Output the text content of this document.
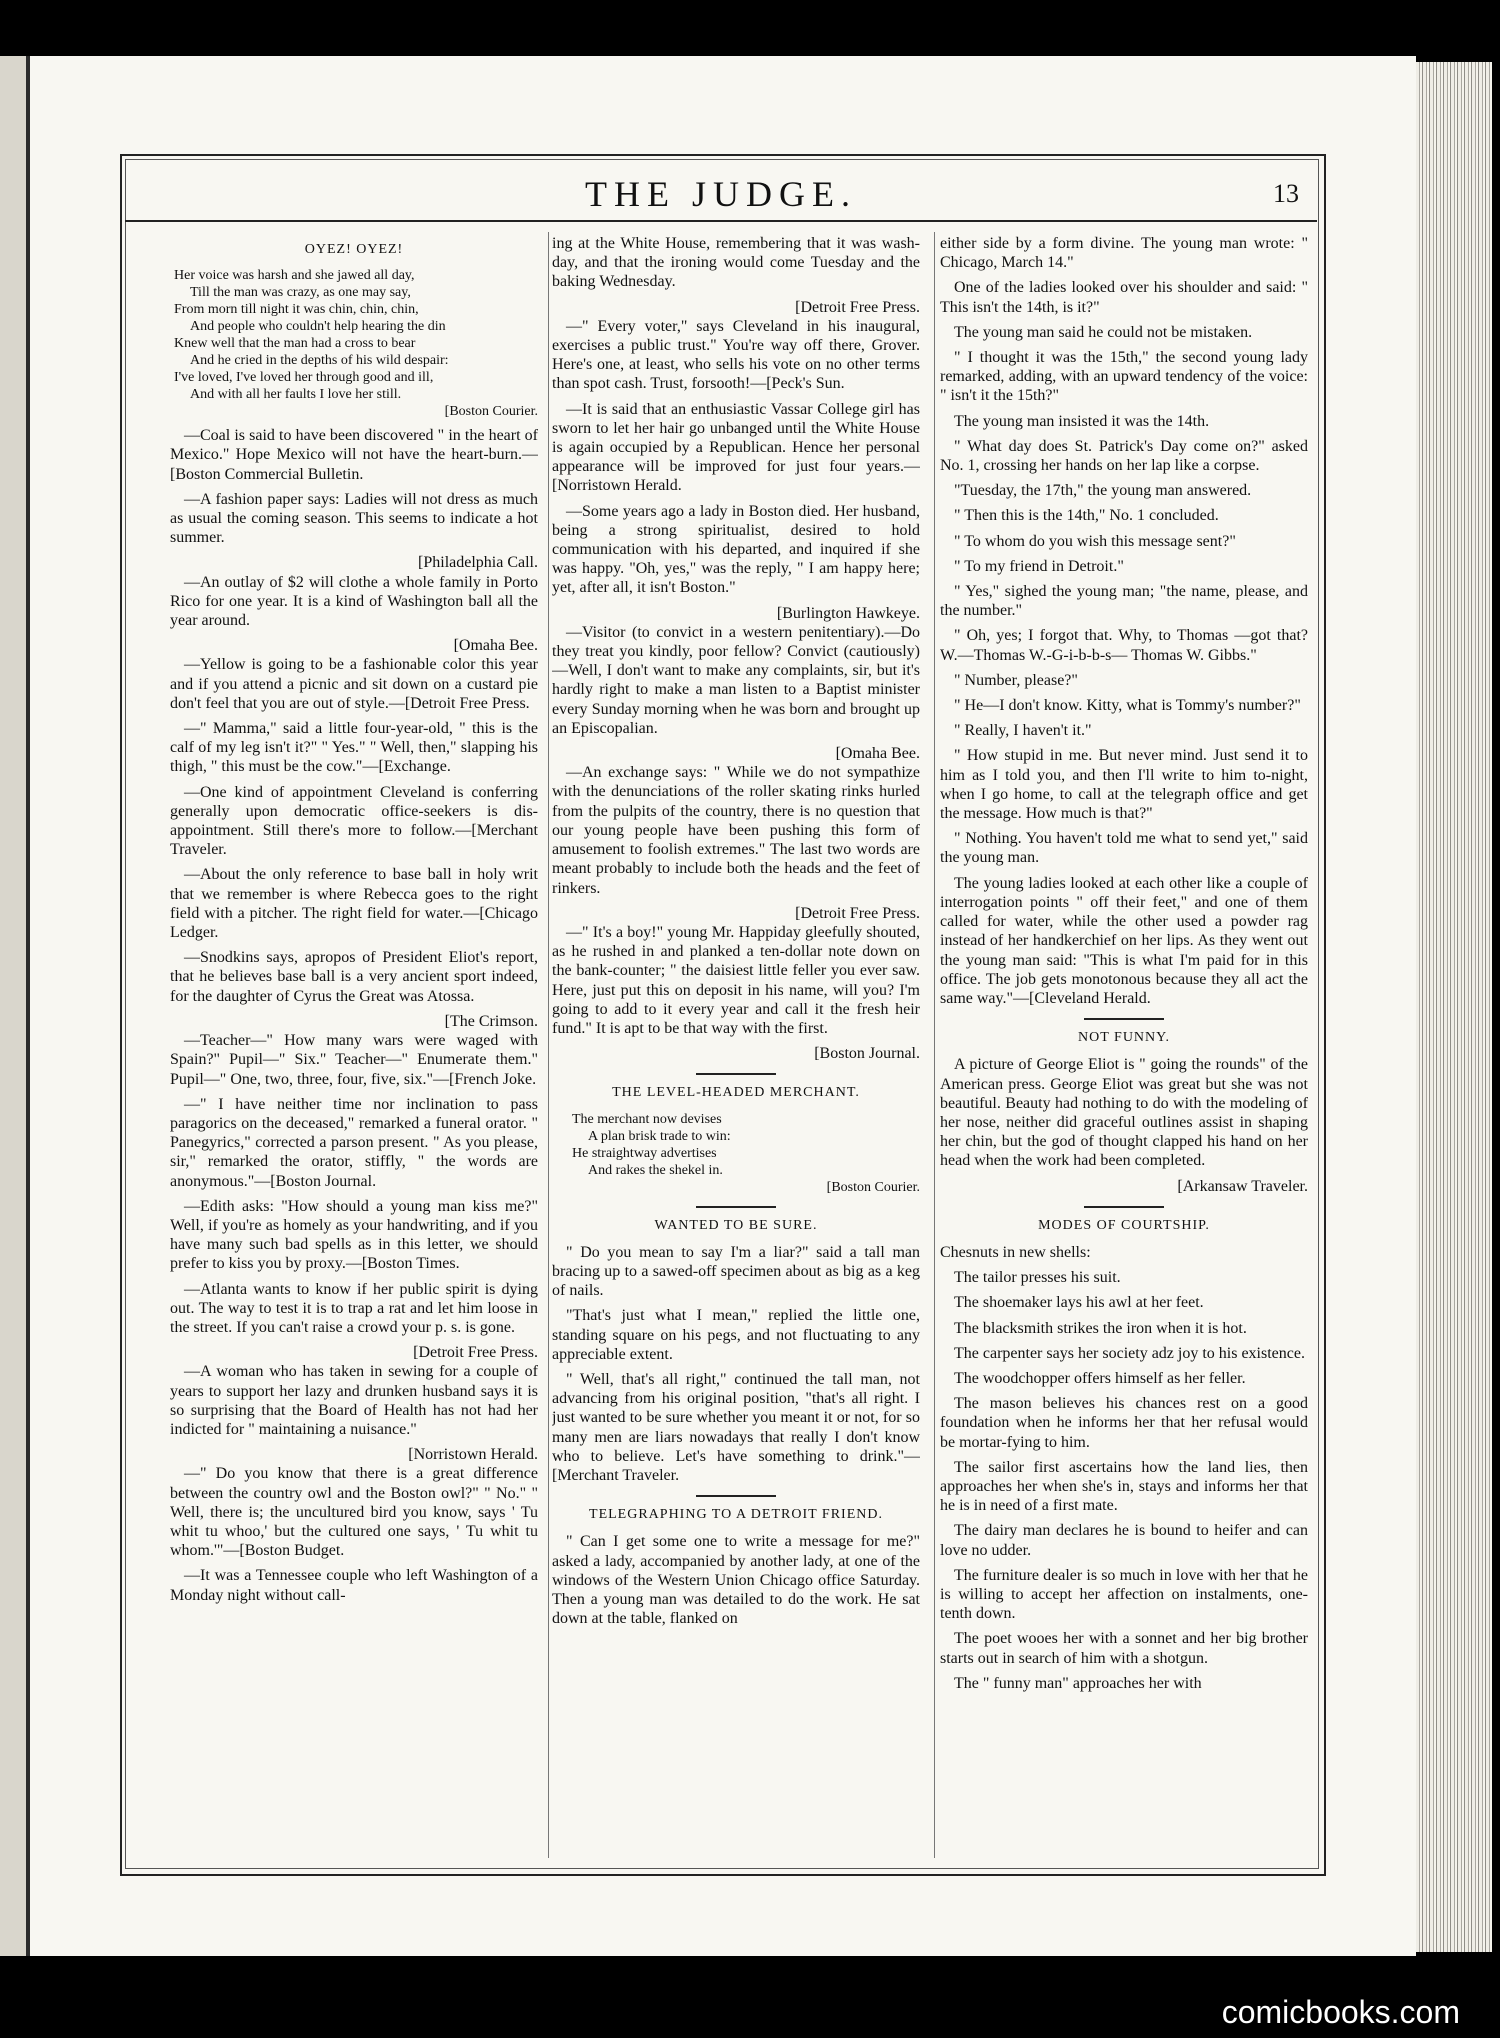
THE JUDGE.	13
OYEZ! OYEZ!
Her voice was harsh and she jawed all day,
Till the man was crazy, as one may say,
From morn till night it was chin, chin, chin,
And people who couldn't help hearing the din
Knew well that the man had a cross to bear
And he cried in the depths of his wild despair:
I've loved, I've loved her through good and ill,
And with all her faults I love her still.
[Boston Courier.

—Coal is said to have been discovered " in the heart of Mexico." Hope Mexico will not have the heart-burn.—[Boston Commercial Bulletin.

—A fashion paper says: Ladies will not dress as much as usual the coming season. This seems to indicate a hot summer.

[Philadelphia Call.

—An outlay of $2 will clothe a whole family in Porto Rico for one year. It is a kind of Washington ball all the year around.

[Omaha Bee.

—Yellow is going to be a fashionable color this year and if you attend a picnic and sit down on a custard pie don't feel that you are out of style.—[Detroit Free Press.

—" Mamma," said a little four-year-old, " this is the calf of my leg isn't it?" " Yes." " Well, then," slapping his thigh, " this must be the cow."—[Exchange.

—One kind of appointment Cleveland is conferring generally upon democratic office-seekers is dis-appointment. Still there's more to follow.—[Merchant Traveler.

—About the only reference to base ball in holy writ that we remember is where Rebecca goes to the right field with a pitcher. The right field for water.—[Chicago Ledger.

—Snodkins says, apropos of President Eliot's report, that he believes base ball is a very ancient sport indeed, for the daughter of Cyrus the Great was Atossa.

[The Crimson.

—Teacher—" How many wars were waged with Spain?" Pupil—" Six." Teacher—" Enumerate them." Pupil—" One, two, three, four, five, six."—[French Joke.

—" I have neither time nor inclination to pass paragorics on the deceased," remarked a funeral orator. " Panegyrics," corrected a parson present. " As you please, sir," remarked the orator, stiffly, " the words are anonymous."—[Boston Journal.

—Edith asks: "How should a young man kiss me?" Well, if you're as homely as your handwriting, and if you have many such bad spells as in this letter, we should prefer to kiss you by proxy.—[Boston Times.

—Atlanta wants to know if her public spirit is dying out. The way to test it is to trap a rat and let him loose in the street. If you can't raise a crowd your p. s. is gone.

[Detroit Free Press.

—A woman who has taken in sewing for a couple of years to support her lazy and drunken husband says it is so surprising that the Board of Health has not had her indicted for " maintaining a nuisance."

[Norristown Herald.

—" Do you know that there is a great difference between the country owl and the Boston owl?" " No." " Well, there is; the uncultured bird you know, says ' Tu whit tu whoo,' but the cultured one says, ' Tu whit tu whom.'"—[Boston Budget.

—It was a Tennessee couple who left Washington of a Monday night without call-

ing at the White House, remembering that it was wash-day, and that the ironing would come Tuesday and the baking Wednesday.

[Detroit Free Press.

—" Every voter," says Cleveland in his inaugural, exercises a public trust." You're way off there, Grover. Here's one, at least, who sells his vote on no other terms than spot cash. Trust, forsooth!—[Peck's Sun.

—It is said that an enthusiastic Vassar College girl has sworn to let her hair go unbanged until the White House is again occupied by a Republican. Hence her personal appearance will be improved for just four years.—[Norristown Herald.

—Some years ago a lady in Boston died. Her husband, being a strong spiritualist, desired to hold communication with his departed, and inquired if she was happy. "Oh, yes," was the reply, " I am happy here; yet, after all, it isn't Boston."

[Burlington Hawkeye.

—Visitor (to convict in a western penitentiary).—Do they treat you kindly, poor fellow? Convict (cautiously)—Well, I don't want to make any complaints, sir, but it's hardly right to make a man listen to a Baptist minister every Sunday morning when he was born and brought up an Episcopalian.

[Omaha Bee.

—An exchange says: " While we do not sympathize with the denunciations of the roller skating rinks hurled from the pulpits of the country, there is no question that our young people have been pushing this form of amusement to foolish extremes." The last two words are meant probably to include both the heads and the feet of rinkers.

[Detroit Free Press.

—" It's a boy!" young Mr. Happiday gleefully shouted, as he rushed in and planked a ten-dollar note down on the bank-counter; " the daisiest little feller you ever saw. Here, just put this on deposit in his name, will you? I'm going to add to it every year and call it the fresh heir fund." It is apt to be that way with the first.

[Boston Journal.
THE LEVEL-HEADED MERCHANT.
The merchant now devises
A plan brisk trade to win:
He straightway advertises
And rakes the shekel in.
[Boston Courier.
WANTED TO BE SURE.

" Do you mean to say I'm a liar?" said a tall man bracing up to a sawed-off specimen about as big as a keg of nails.

"That's just what I mean," replied the little one, standing square on his pegs, and not fluctuating to any appreciable extent.

" Well, that's all right," continued the tall man, not advancing from his original position, "that's all right. I just wanted to be sure whether you meant it or not, for so many men are liars nowadays that really I don't know who to believe. Let's have something to drink."—[Merchant Traveler.

TELEGRAPHING TO A DETROIT FRIEND.

" Can I get some one to write a message for me?" asked a lady, accompanied by another lady, at one of the windows of the Western Union Chicago office Saturday. Then a young man was detailed to do the work. He sat down at the table, flanked on

either side by a form divine. The young man wrote: " Chicago, March 14."

One of the ladies looked over his shoulder and said: " This isn't the 14th, is it?"

The young man said he could not be mistaken.

" I thought it was the 15th," the second young lady remarked, adding, with an upward tendency of the voice: " isn't it the 15th?"

The young man insisted it was the 14th.

" What day does St. Patrick's Day come on?" asked No. 1, crossing her hands on her lap like a corpse.

"Tuesday, the 17th," the young man answered.

" Then this is the 14th," No. 1 concluded.

" To whom do you wish this message sent?"

" To my friend in Detroit."

" Yes," sighed the young man; "the name, please, and the number."

" Oh, yes; I forgot that. Why, to Thomas —got that? W.—Thomas W.-G-i-b-b-s— Thomas W. Gibbs."

" Number, please?"

" He—I don't know. Kitty, what is Tommy's number?"

" Really, I haven't it."

" How stupid in me. But never mind. Just send it to him as I told you, and then I'll write to him to-night, when I go home, to call at the telegraph office and get the message. How much is that?"

" Nothing. You haven't told me what to send yet," said the young man.

The young ladies looked at each other like a couple of interrogation points " off their feet," and one of them called for water, while the other used a powder rag instead of her handkerchief on her lips. As they went out the young man said: "This is what I'm paid for in this office. The job gets monotonous because they all act the same way."—[Cleveland Herald.

NOT FUNNY.

A picture of George Eliot is " going the rounds" of the American press. George Eliot was great but she was not beautiful. Beauty had nothing to do with the modeling of her nose, neither did graceful outlines assist in shaping her chin, but the god of thought clapped his hand on her head when the work had been completed.

[Arkansaw Traveler.
MODES OF COURTSHIP.

Chesnuts in new shells:

The tailor presses his suit.

The shoemaker lays his awl at her feet.

The blacksmith strikes the iron when it is hot.

The carpenter says her society adz joy to his existence.

The woodchopper offers himself as her feller.

The mason believes his chances rest on a good foundation when he informs her that her refusal would be mortar-fying to him.

The sailor first ascertains how the land lies, then approaches her when she's in, stays and informs her that he is in need of a first mate.

The dairy man declares he is bound to heifer and can love no udder.

The furniture dealer is so much in love with her that he is willing to accept her affection on instalments, one-tenth down.

The poet wooes her with a sonnet and her big brother starts out in search of him with a shotgun.

The " funny man" approaches her with

comicbooks.com
